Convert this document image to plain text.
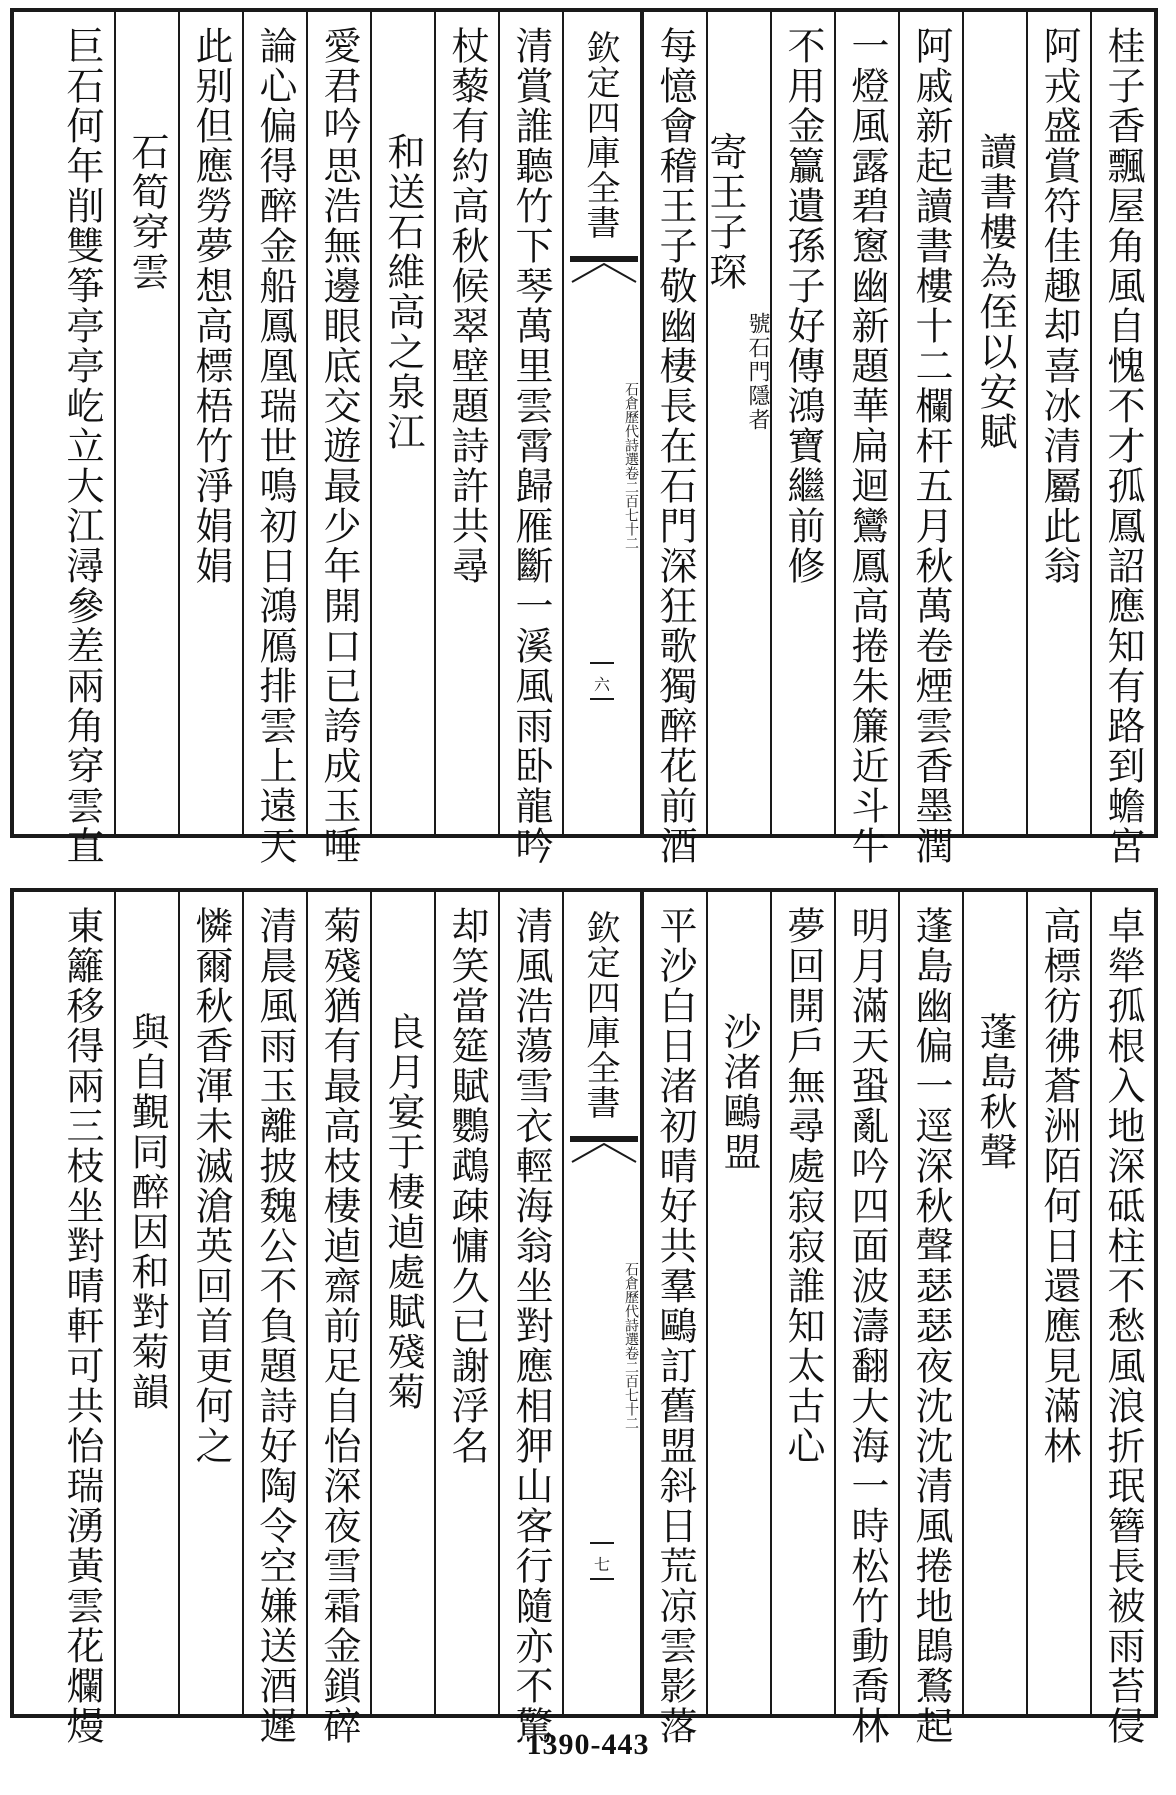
桂子香飄屋角風自愧不才孤鳳詔應知有路到蟾宮
阿戎盛賞符佳趣却喜冰清屬此翁
讀書樓為侄以安賦
阿戚新起讀書樓十二欄杆五月秋萬卷煙雲香墨潤
一燈風露碧窻幽新題華扁迴鸞鳳高捲朱簾近斗牛
不用金籯遺孫子好傳鴻寶繼前修
寄王子琛
號石門隱者
每憶會稽王子敬幽棲長在石門深狂歌獨醉花前酒
欽定四庫全書
石倉歷代詩選
卷二百七十二
六
清賞誰聽竹下琴萬里雲霄歸雁斷一溪風雨卧龍吟
杖藜有約高秋候翠壁題詩許共尋
和送石維高之泉江
愛君吟思浩無邊眼底交遊最少年開口已誇成玉唾
論心偏得醉金船鳳凰瑞世鳴初日鴻鴈排雲上遠天
此别但應勞夢想高標梧竹淨娟娟
石筍穿雲
巨石何年削雙筝亭亭屹立大江潯參差兩角穿雲直
卓犖孤根入地深砥柱不愁風浪折珉簪長被雨苔侵
高標彷彿蒼洲陌何日還應見滿林
蓬島秋聲
蓬島幽偏一逕深秋聲瑟瑟夜沈沈清風捲地鵾鶩起
明月滿天蛩亂吟四面波濤翻大海一時松竹動喬林
夢回開戶無尋處寂寂誰知太古心
沙渚鷗盟
平沙白日渚初晴好共羣鷗訂舊盟斜日荒凉雲影落
欽定四庫全書
石倉歷代詩選
卷二百七十二
七
清風浩蕩雪衣輕海翁坐對應相狎山客行隨亦不驚
却笑當筵賦鸚鵡疎慵久已謝浮名
良月宴于棲逌處賦殘菊
菊殘猶有最高枝棲逌齋前足自怡深夜雪霜金鎖碎
清晨風雨玉離披魏公不負題詩好陶令空嫌送酒遲
憐爾秋香渾未滅滄英回首更何之
與自覲同醉因和對菊韻
東籬移得兩三枝坐對晴軒可共怡瑞湧黃雲花爛熳	1390-443
